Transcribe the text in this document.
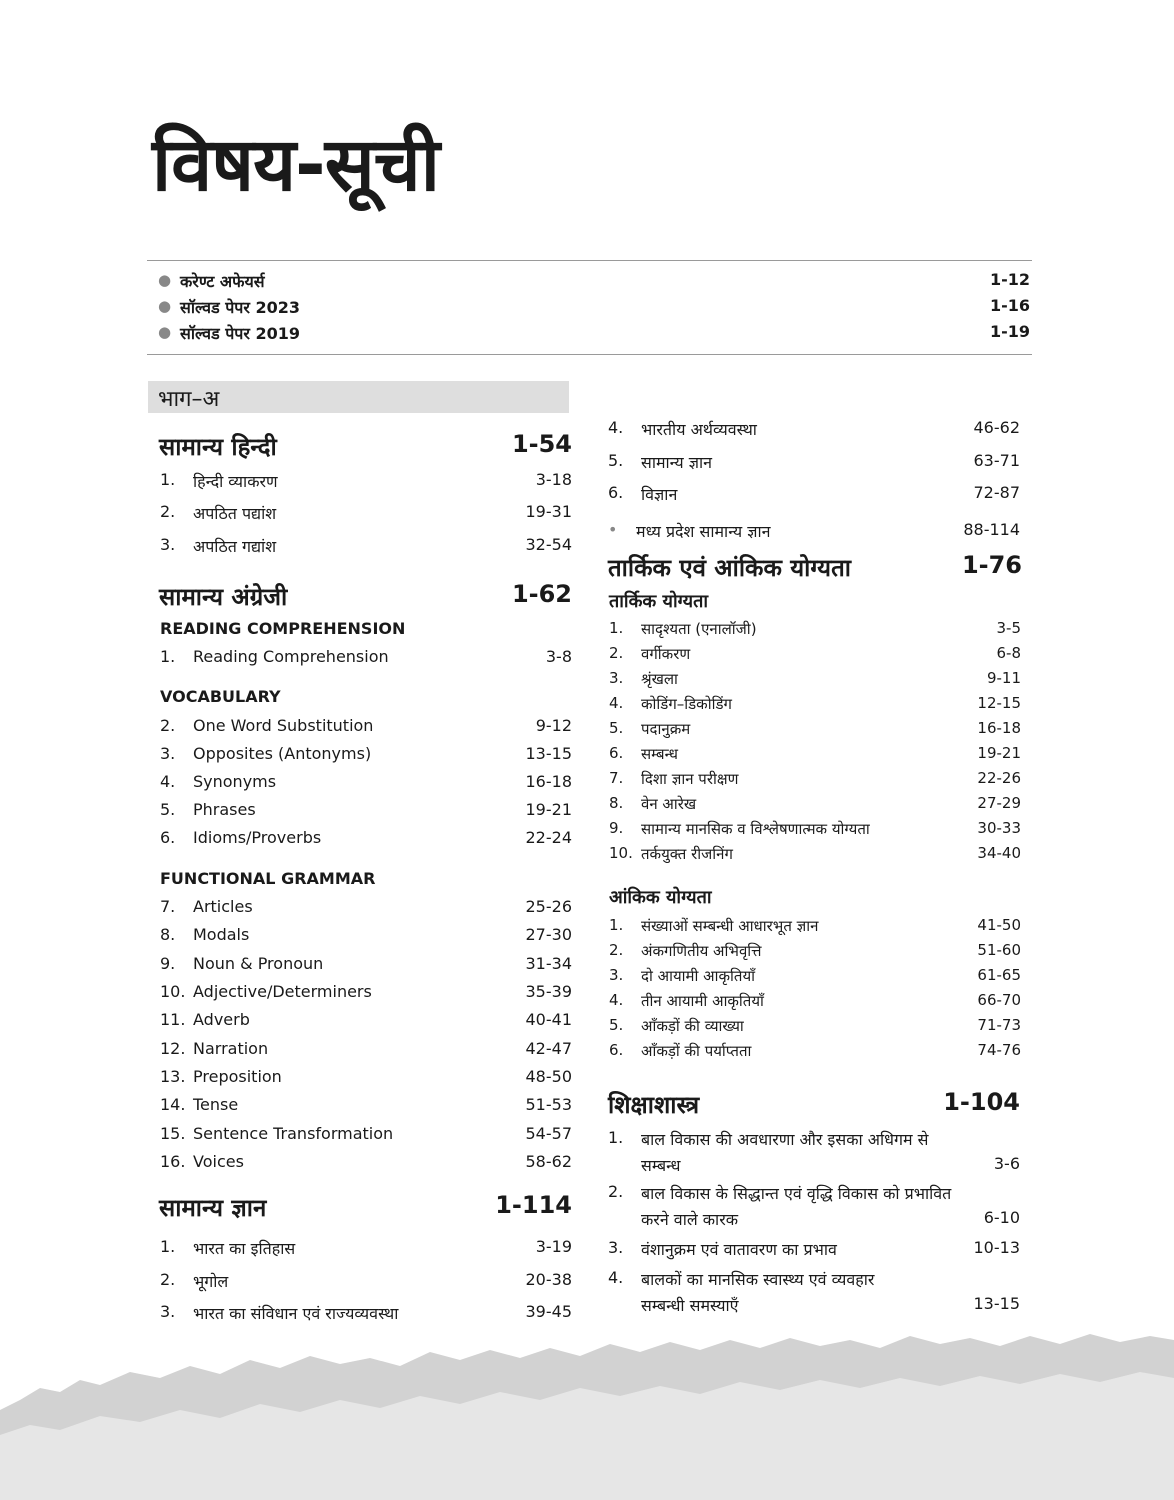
विषय-सूची
● करेण्ट अफेयर्स	1-12
● सॉल्वड पेपर 2023	1-16
● सॉल्वड पेपर 2019	1-19
भाग–अ
सामान्य हिन्दी	1-54
1. हिन्दी व्याकरण	3-18
2. अपठित पद्यांश	19-31
3. अपठित गद्यांश	32-54
सामान्य अंग्रेजी	1-62
READING COMPREHENSION
1. Reading Comprehension	3-8
VOCABULARY
2. One Word Substitution	9-12
3. Opposites (Antonyms)	13-15
4. Synonyms	16-18
5. Phrases	19-21
6. Idioms/Proverbs	22-24
FUNCTIONAL GRAMMAR
7. Articles	25-26
8. Modals	27-30
9. Noun & Pronoun	31-34
10. Adjective/Determiners	35-39
11. Adverb	40-41
12. Narration	42-47
13. Preposition	48-50
14. Tense	51-53
15. Sentence Transformation	54-57
16. Voices	58-62
सामान्य ज्ञान	1-114
1. भारत का इतिहास	3-19
2. भूगोल	20-38
3. भारत का संविधान एवं राज्यव्यवस्था	39-45
4. भारतीय अर्थव्यवस्था	46-62
5. सामान्य ज्ञान	63-71
6. विज्ञान	72-87
• मध्य प्रदेश सामान्य ज्ञान	88-114
तार्किक एवं आंकिक योग्यता	1-76
तार्किक योग्यता
1. सादृश्यता (एनालॉजी)	3-5
2. वर्गीकरण	6-8
3. श्रृंखला	9-11
4. कोडिंग–डिकोडिंग	12-15
5. पदानुक्रम	16-18
6. सम्बन्ध	19-21
7. दिशा ज्ञान परीक्षण	22-26
8. वेन आरेख	27-29
9. सामान्य मानसिक व विश्लेषणात्मक योग्यता	30-33
10. तर्कयुक्त रीजनिंग	34-40
आंकिक योग्यता
1. संख्याओं सम्बन्धी आधारभूत ज्ञान	41-50
2. अंकगणितीय अभिवृत्ति	51-60
3. दो आयामी आकृतियाँ	61-65
4. तीन आयामी आकृतियाँ	66-70
5. आँकड़ों की व्याख्या	71-73
6. आँकड़ों की पर्याप्तता	74-76
शिक्षाशास्त्र	1-104
1. बाल विकास की अवधारणा और इसका अधिगम से
सम्बन्ध	3-6
2. बाल विकास के सिद्धान्त एवं वृद्धि विकास को प्रभावित
करने वाले कारक	6-10
3. वंशानुक्रम एवं वातावरण का प्रभाव	10-13
4. बालकों का मानसिक स्वास्थ्य एवं व्यवहार
सम्बन्धी समस्याएँ	13-15
